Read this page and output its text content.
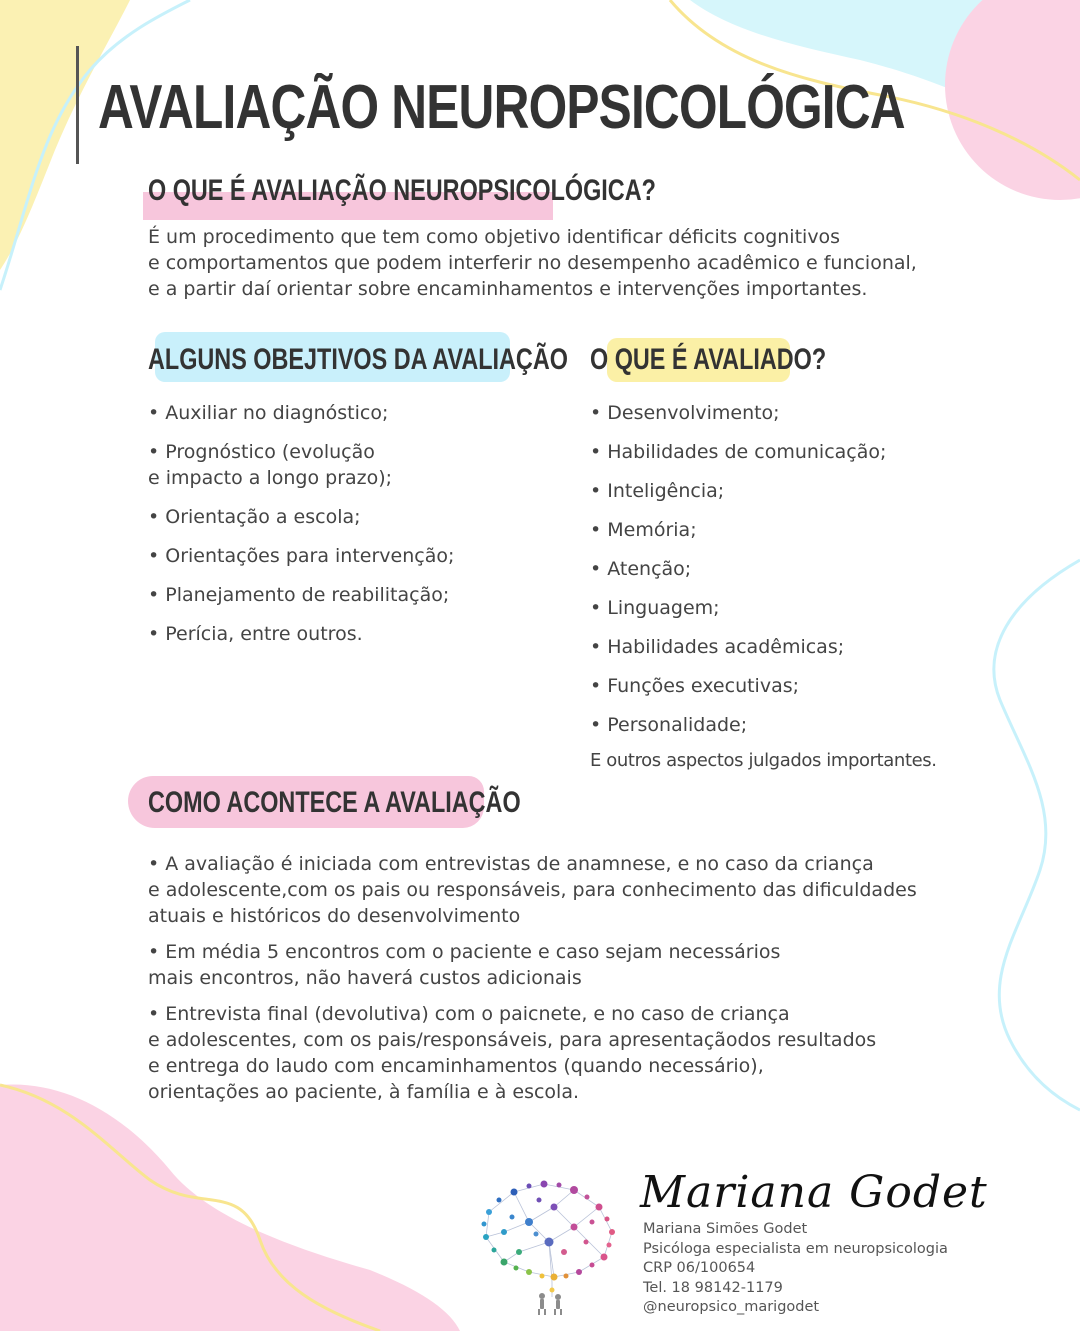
AVALIAÇÃO NEUROPSICOLÓGICA
O QUE É AVALIAÇÃO NEUROPSICOLÓGICA?

É um procedimento que tem como objetivo identificar déficits cognitivos
e comportamentos que podem interferir no desempenho acadêmico e funcional,
e a partir daí orientar sobre encaminhamentos e intervenções importantes.

ALGUNS OBEJTIVOS DA AVALIAÇÃO
• Auxiliar no diagnóstico;
• Prognóstico (evolução
e impacto a longo prazo);
• Orientação a escola;
• Orientações para intervenção;
• Planejamento de reabilitação;
• Perícia, entre outros.
O QUE É AVALIADO?
• Desenvolvimento;
• Habilidades de comunicação;
• Inteligência;
• Memória;
• Atenção;
• Linguagem;
• Habilidades acadêmicas;
• Funções executivas;
• Personalidade;

E outros aspectos julgados importantes.

COMO ACONTECE A AVALIAÇÃO
• A avaliação é iniciada com entrevistas de anamnese, e no caso da criança
e adolescente,com os pais ou responsáveis, para conhecimento das dificuldades
atuais e históricos do desenvolvimento
• Em média 5 encontros com o paciente e caso sejam necessários
mais encontros, não haverá custos adicionais
• Entrevista final (devolutiva) com o paicnete, e no caso de criança
e adolescentes, com os pais/responsáveis, para apresentaçãodos resultados
e entrega do laudo com encaminhamentos (quando necessário),
orientações ao paciente, à família e à escola.

Mariana Godet

Mariana Simões Godet
Psicóloga especialista em neuropsicologia
CRP 06/100654
Tel. 18 98142-1179
@neuropsico_marigodet
